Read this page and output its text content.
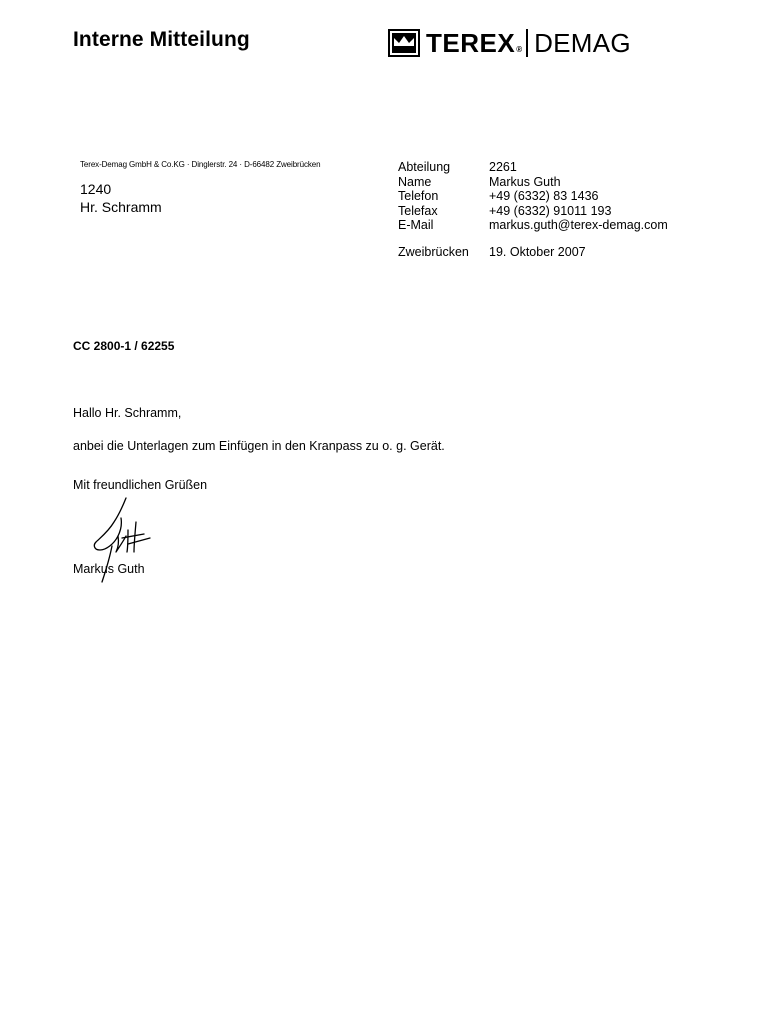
Interne Mitteilung	TEREX ® DEMAG
Terex-Demag GmbH & Co.KG · Dinglerstr. 24 · D-66482 Zweibrücken
1240
Hr. Schramm
Abteilung	2261
Name	Markus Guth
Telefon	+49 (6332) 83 1436
Telefax	+49 (6332) 91011 193
E-Mail	markus.guth@terex-demag.com
Zweibrücken	19. Oktober 2007
CC 2800-1 / 62255
Hallo Hr. Schramm,
anbei die Unterlagen zum Einfügen in den Kranpass zu o. g. Gerät.
Mit freundlichen Grüßen
Markus Guth
